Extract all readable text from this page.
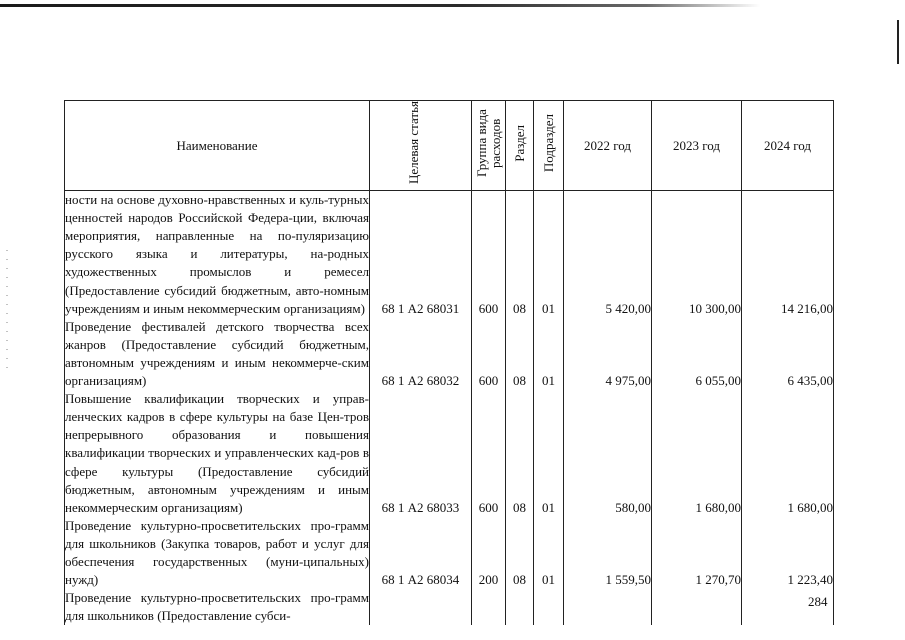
Наименование	Целевая статья	Группа вида расходов	Раздел	Подраздел	2022 год	2023 год	2024 год
ности на основе духовно-нравственных и куль-турных ценностей народов Российской Федера-ции, включая мероприятия, направленные на по-пуляризацию русского языка и литературы, на-родных художественных промыслов и ремесел (Предоставление субсидий бюджетным, авто-номным учреждениям и иным некоммерческим организациям)	68 1 А2 68031	600	08	01	5 420,00	10 300,00	14 216,00
Проведение фестивалей детского творчества всех жанров (Предоставление субсидий бюджетным, автономным учреждениям и иным некоммерче-ским организациям)	68 1 А2 68032	600	08	01	4 975,00	6 055,00	6 435,00
Повышение квалификации творческих и управ-ленческих кадров в сфере культуры на базе Цен-тров непрерывного образования и повышения квалификации творческих и управленческих кад-ров в сфере культуры (Предоставление субсидий бюджетным, автономным учреждениям и иным некоммерческим организациям)	68 1 А2 68033	600	08	01	580,00	1 680,00	1 680,00
Проведение культурно-просветительских про-грамм для школьников (Закупка товаров, работ и услуг для обеспечения государственных (муни-ципальных) нужд)	68 1 А2 68034	200	08	01	1 559,50	1 270,70	1 223,40
Проведение культурно-просветительских про-грамм для школьников (Предоставление субси-							
284
